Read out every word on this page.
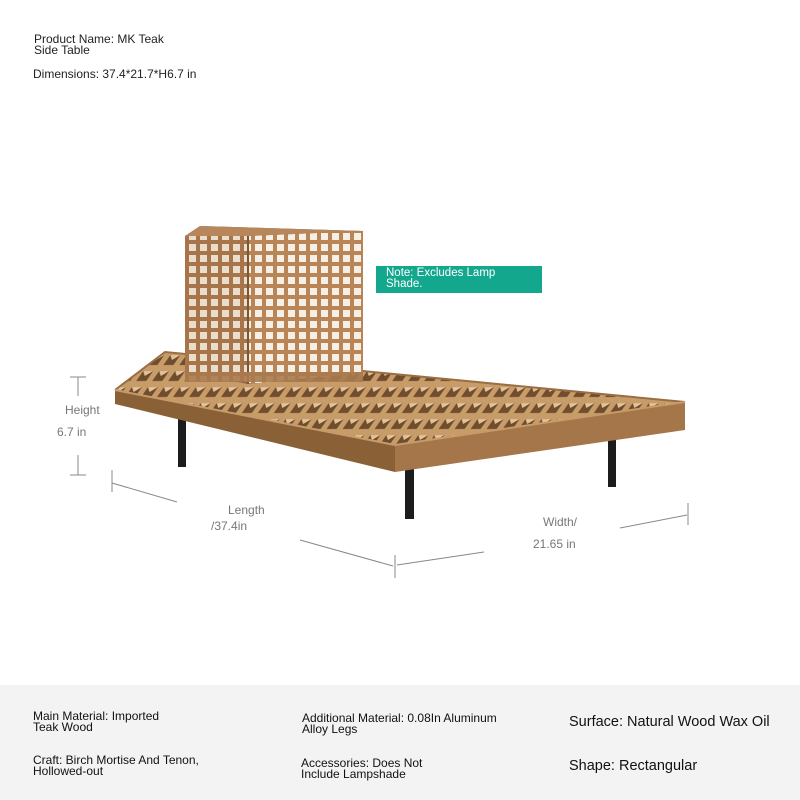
Product Name: MK Teak
Side Table
Dimensions: 37.4*21.7*H6.7 in
Note: Excludes Lamp
Shade.
Height
6.7 in
Length
/37.4in	Width/
21.65 in
Main Material: Imported
Teak Wood
Craft: Birch Mortise And Tenon,
Hollowed-out
Additional Material: 0.08In Aluminum
Alloy Legs
Accessories: Does Not
Include Lampshade
Surface: Natural Wood Wax Oil
Shape: Rectangular
